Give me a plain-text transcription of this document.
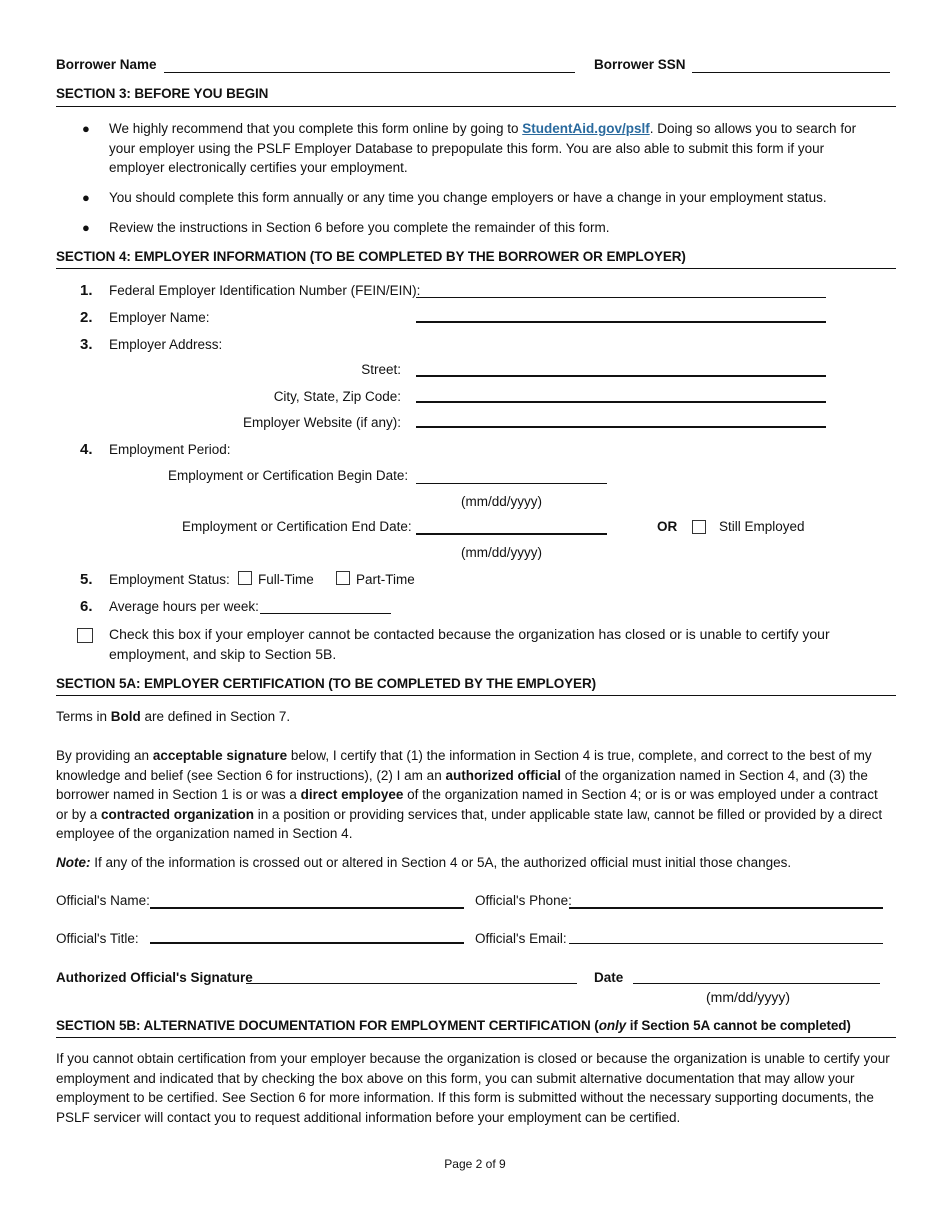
Borrower Name	Borrower SSN
SECTION 3: BEFORE YOU BEGIN
● We highly recommend that you complete this form online by going to StudentAid.gov/pslf. Doing so allows you to search for your employer using the PSLF Employer Database to prepopulate this form. You are also able to submit this form if your employer electronically certifies your employment.
● You should complete this form annually or any time you change employers or have a change in your employment status.
● Review the instructions in Section 6 before you complete the remainder of this form.
SECTION 4: EMPLOYER INFORMATION (TO BE COMPLETED BY THE BORROWER OR EMPLOYER)
1. Federal Employer Identification Number (FEIN/EIN):
2. Employer Name:
3. Employer Address:
Street:
City, State, Zip Code:
Employer Website (if any):
4. Employment Period:
Employment or Certification Begin Date:
(mm/dd/yyyy)
Employment or Certification End Date:	OR	Still Employed
(mm/dd/yyyy)
5. Employment Status: Full-Time	Part-Time
6. Average hours per week:
Check this box if your employer cannot be contacted because the organization has closed or is unable to certify your employment, and skip to Section 5B.
SECTION 5A: EMPLOYER CERTIFICATION (TO BE COMPLETED BY THE EMPLOYER)
Terms in Bold are defined in Section 7.
By providing an acceptable signature below, I certify that (1) the information in Section 4 is true, complete, and correct to the best of my knowledge and belief (see Section 6 for instructions), (2) I am an authorized official of the organization named in Section 4, and (3) the borrower named in Section 1 is or was a direct employee of the organization named in Section 4; or is or was employed under a contract or by a contracted organization in a position or providing services that, under applicable state law, cannot be filled or provided by a direct employee of the organization named in Section 4.
Note: If any of the information is crossed out or altered in Section 4 or 5A, the authorized official must initial those changes.
Official's Name:	Official's Phone:
Official's Title:	Official's Email:
Authorized Official's Signature	Date
(mm/dd/yyyy)
SECTION 5B: ALTERNATIVE DOCUMENTATION FOR EMPLOYMENT CERTIFICATION (only if Section 5A cannot be completed)
If you cannot obtain certification from your employer because the organization is closed or because the organization is unable to certify your employment and indicated that by checking the box above on this form, you can submit alternative documentation that may allow your employment to be certified. See Section 6 for more information. If this form is submitted without the necessary supporting documents, the PSLF servicer will contact you to request additional information before your employment can be certified.
Page 2 of 9
